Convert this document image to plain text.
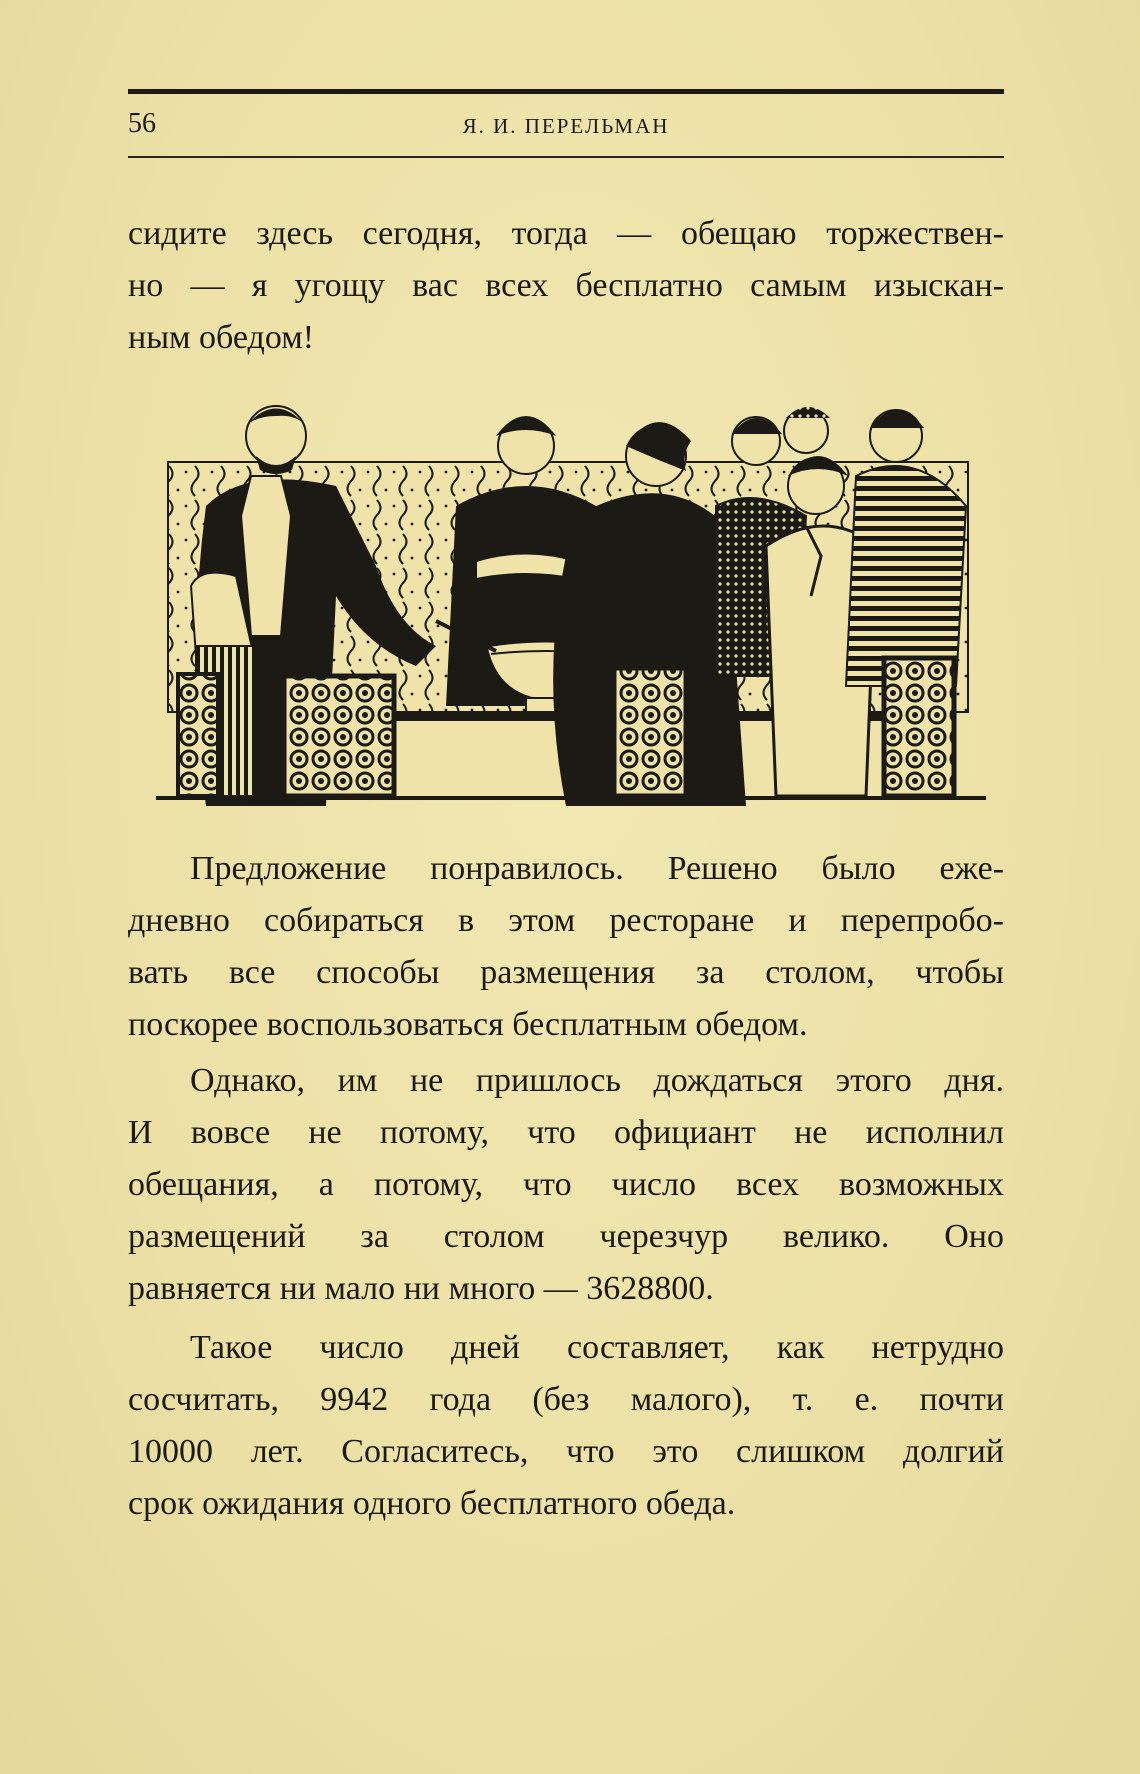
56	Я. И. ПЕРЕЛЬМАН

сидите здесь сегодня, тогда — обещаю торжествен-
но — я угощу вас всех бесплатно самым изыскан-
ным обедом!

Предложение понравилось. Решено было еже-
дневно собираться в этом ресторане и перепробо-
вать все способы размещения за столом, чтобы
поскорее воспользоваться бесплатным обедом.

Однако, им не пришлось дождаться этого дня.
И вовсе не потому, что официант не исполнил
обещания, а потому, что число всех возможных
размещений за столом черезчур велико. Оно
равняется ни мало ни много — 3628800.

Такое число дней составляет, как нетрудно
сосчитать, 9942 года (без малого), т. е. почти
10000 лет. Согласитесь, что это слишком долгий
срок ожидания одного бесплатного обеда.
